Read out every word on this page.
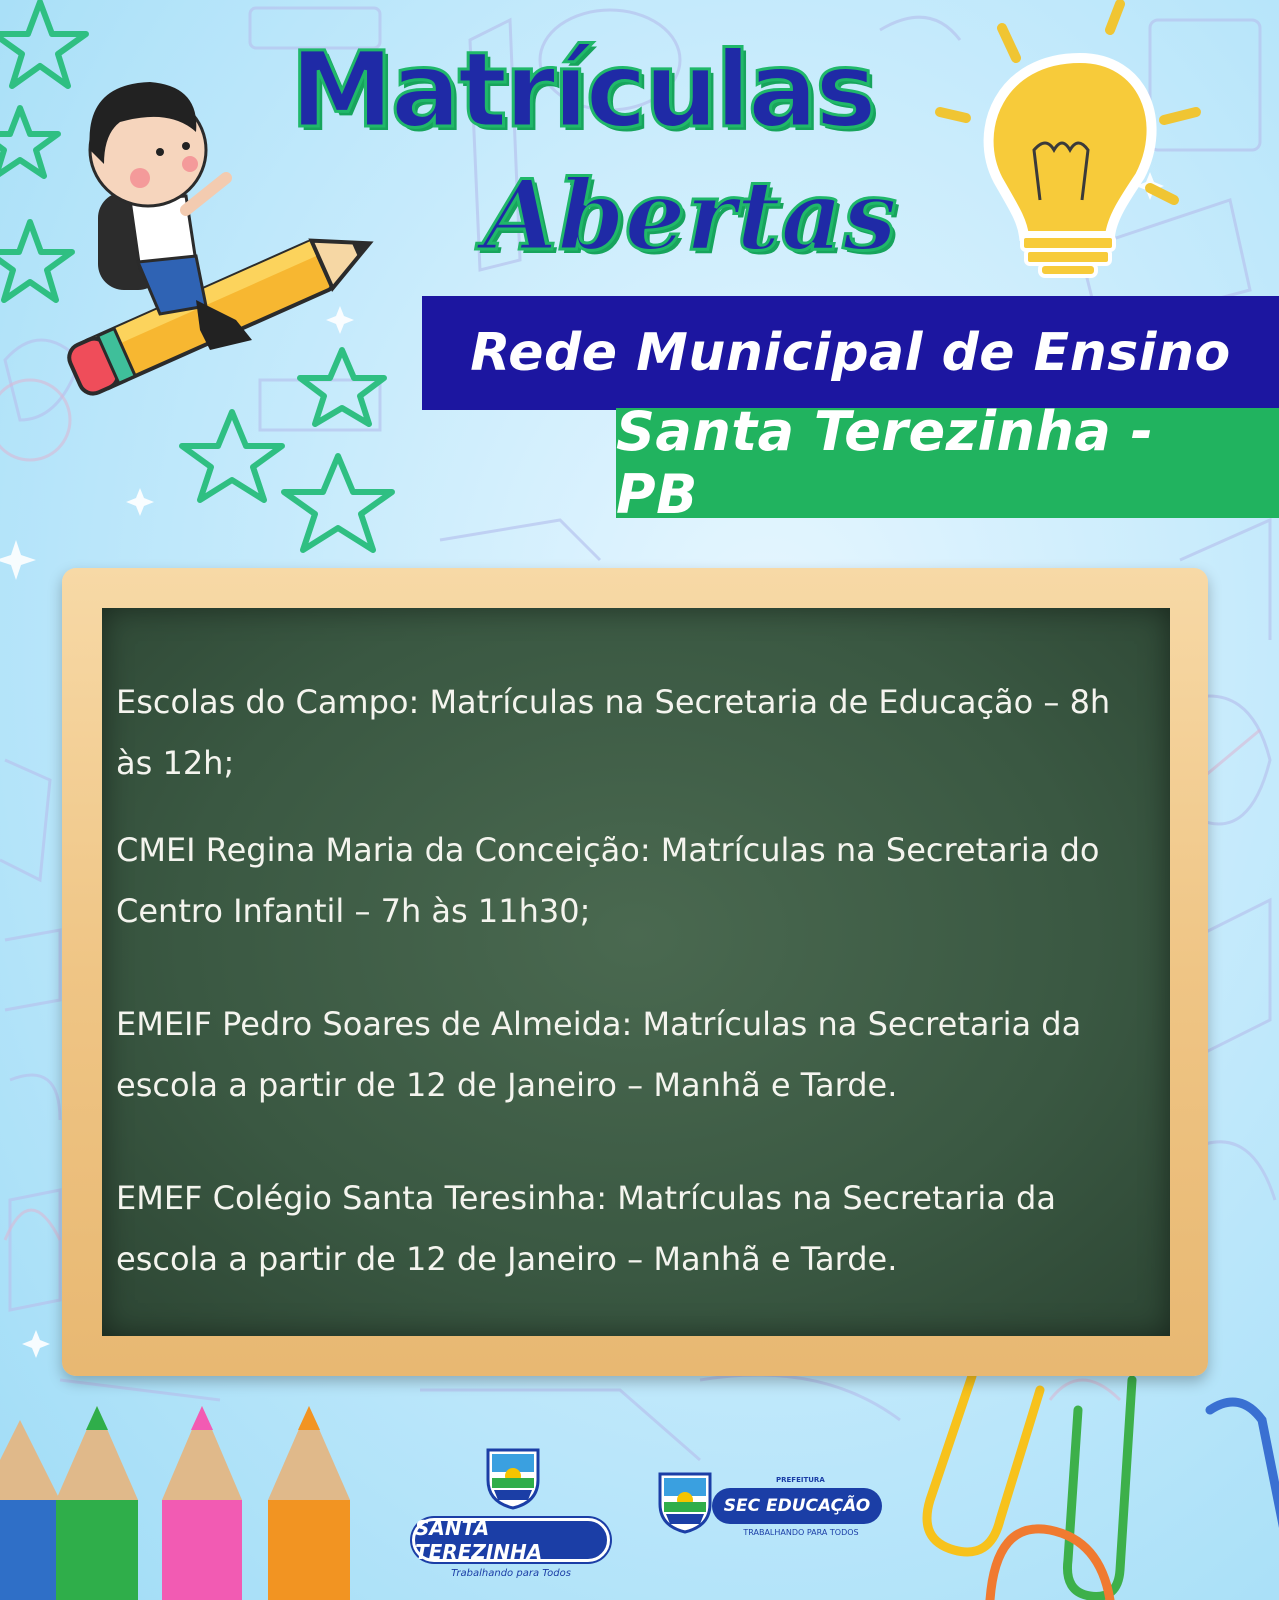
Matrículas
Abertas
Rede Municipal de Ensino
Santa Terezinha - PB

Escolas do Campo: Matrículas na Secretaria de Educação – 8h às 12h;

CMEI Regina Maria da Conceição: Matrículas na Secretaria do Centro Infantil – 7h às 11h30;

EMEIF Pedro Soares de Almeida: Matrículas na Secretaria da escola a partir de 12 de Janeiro – Manhã e Tarde.

EMEF Colégio Santa Teresinha: Matrículas na Secretaria da escola a partir de 12 de Janeiro – Manhã e Tarde.

SANTA TEREZINHA
Trabalhando para Todos
PREFEITURA
SEC EDUCAÇÃO
TRABALHANDO PARA TODOS
